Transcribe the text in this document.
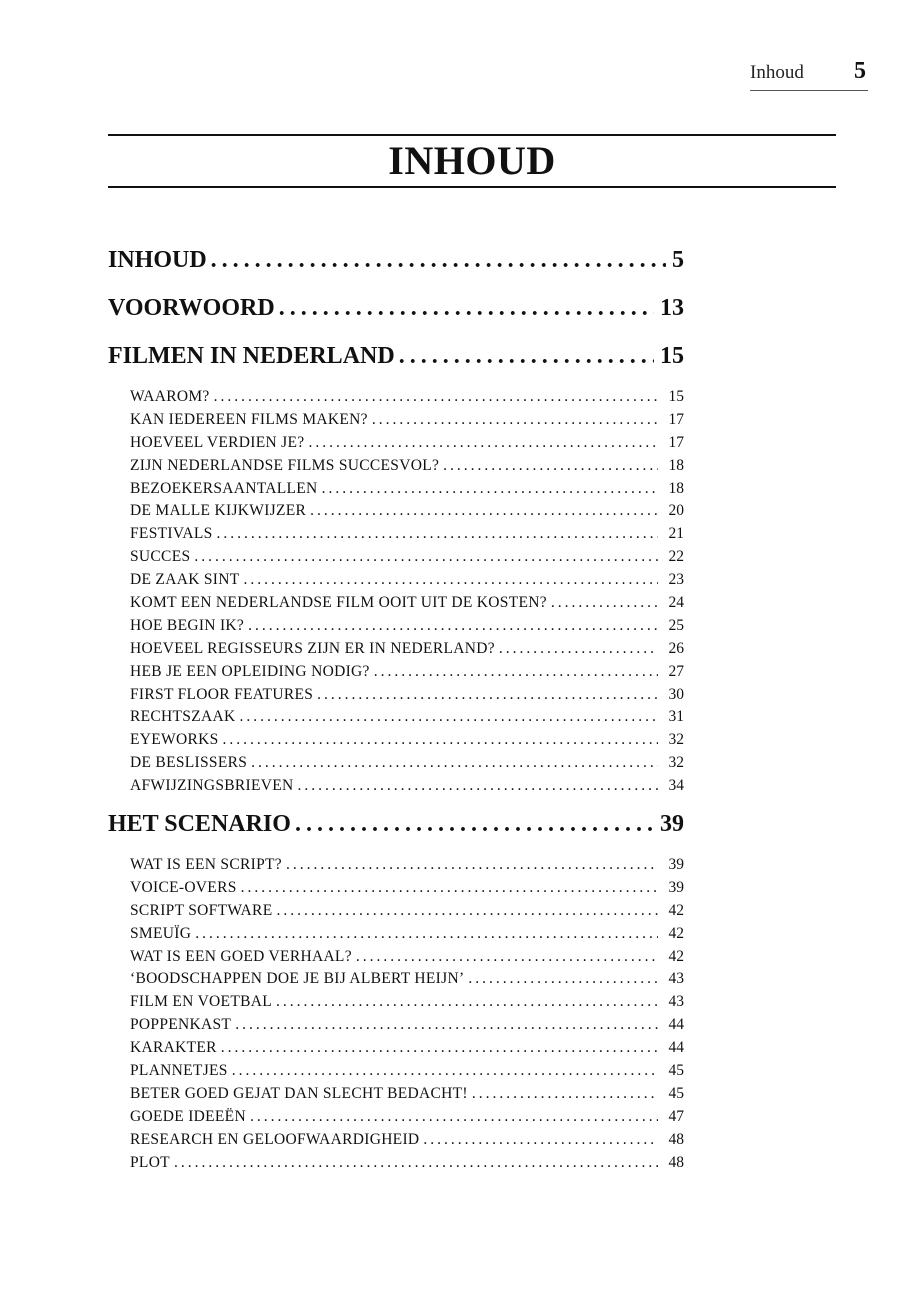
Inhoud 5
INHOUD
INHOUD .....	5
VOORWOORD .....	13
FILMEN IN NEDERLAND .....	15
WAAROM? .....	15
KAN IEDEREEN FILMS MAKEN? .....	17
HOEVEEL VERDIEN JE? .....	17
ZIJN NEDERLANDSE FILMS SUCCESVOL? .....	18
BEZOEKERSAANTALLEN .....	18
DE MALLE KIJKWIJZER .....	20
FESTIVALS .....	21
SUCCES .....	22
DE ZAAK SINT .....	23
KOMT EEN NEDERLANDSE FILM OOIT UIT DE KOSTEN? .....	24
HOE BEGIN IK? .....	25
HOEVEEL REGISSEURS ZIJN ER IN NEDERLAND? .....	26
HEB JE EEN OPLEIDING NODIG? .....	27
FIRST FLOOR FEATURES .....	30
RECHTSZAAK .....	31
EYEWORKS .....	32
DE BESLISSERS .....	32
AFWIJZINGSBRIEVEN .....	34
HET SCENARIO .....	39
WAT IS EEN SCRIPT? .....	39
VOICE-OVERS .....	39
SCRIPT SOFTWARE .....	42
SMEUÏG .....	42
WAT IS EEN GOED VERHAAL? .....	42
‘BOODSCHAPPEN DOE JE BIJ ALBERT HEIJN’ .....	43
FILM EN VOETBAL .....	43
POPPENKAST .....	44
KARAKTER .....	44
PLANNETJES .....	45
BETER GOED GEJAT DAN SLECHT BEDACHT! .....	45
GOEDE IDEEËN .....	47
RESEARCH EN GELOOFWAARDIGHEID .....	48
PLOT .....	48
